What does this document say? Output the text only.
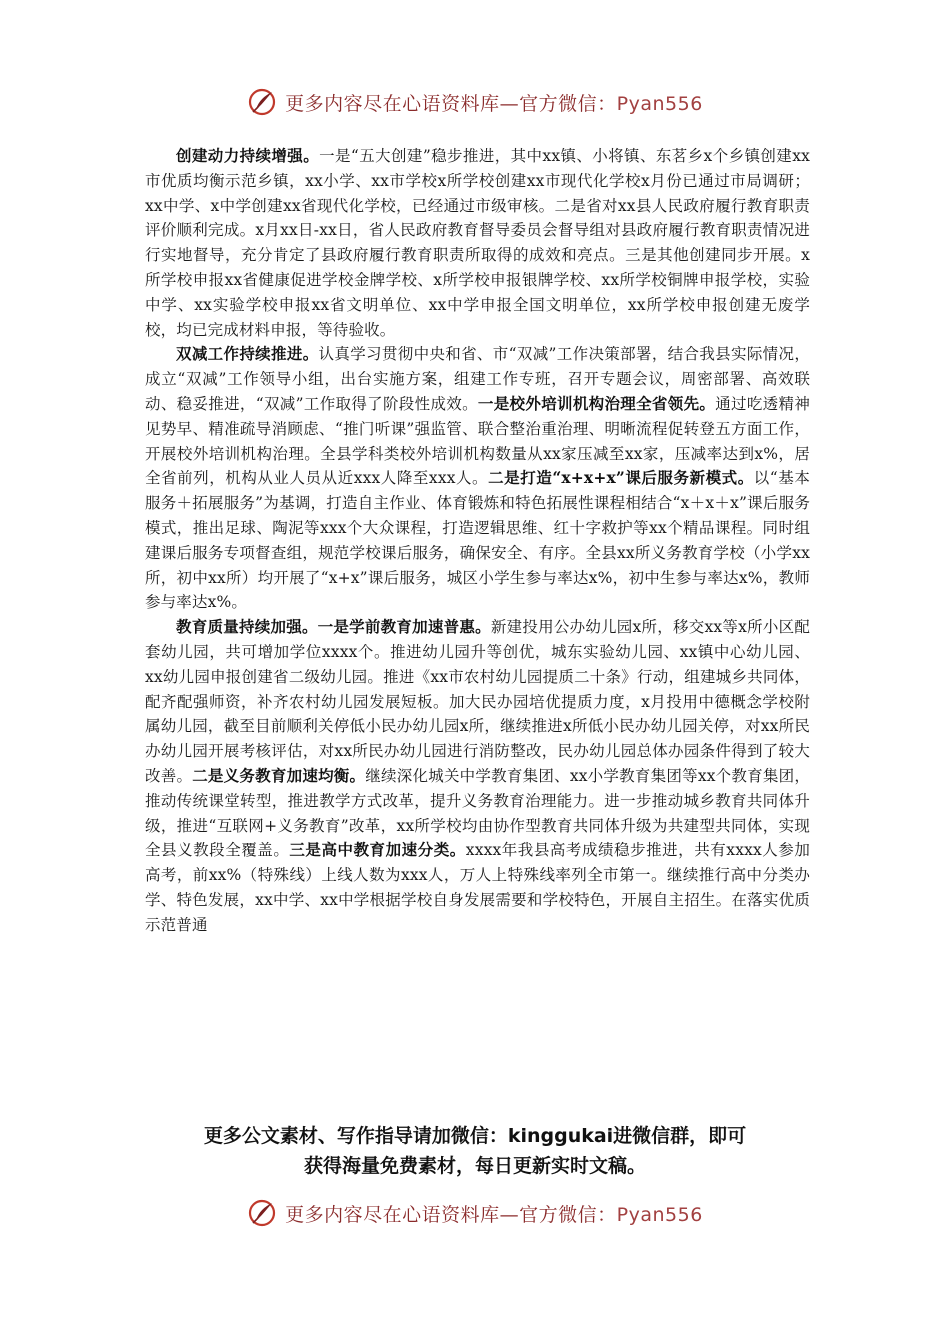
更多内容尽在心语资料库—官方微信：Pyan556

创建动力持续增强。一是“五大创建”稳步推进，其中xx镇、小将镇、东茗乡x个乡镇创建xx市优质均衡示范乡镇，xx小学、xx市学校x所学校创建xx市现代化学校x月份已通过市局调研；xx中学、x中学创建xx省现代化学校，已经通过市级审核。二是省对xx县人民政府履行教育职责评价顺利完成。x月xx日-xx日，省人民政府教育督导委员会督导组对县政府履行教育职责情况进行实地督导，充分肯定了县政府履行教育职责所取得的成效和亮点。三是其他创建同步开展。x所学校申报xx省健康促进学校金牌学校、x所学校申报银牌学校、xx所学校铜牌申报学校，实验中学、xx实验学校申报xx省文明单位、xx中学申报全国文明单位，xx所学校申报创建无废学校，均已完成材料申报，等待验收。

双减工作持续推进。认真学习贯彻中央和省、市“双减”工作决策部署，结合我县实际情况，成立“双减”工作领导小组，出台实施方案，组建工作专班，召开专题会议，周密部署、高效联动、稳妥推进，“双减”工作取得了阶段性成效。一是校外培训机构治理全省领先。通过吃透精神见势早、精准疏导消顾虑、“推门听课”强监管、联合整治重治理、明晰流程促转登五方面工作，开展校外培训机构治理。全县学科类校外培训机构数量从xx家压减至xx家，压减率达到x%，居全省前列，机构从业人员从近xxx人降至xxx人。二是打造“x+x+x”课后服务新模式。以“基本服务＋拓展服务”为基调，打造自主作业、体育锻炼和特色拓展性课程相结合“x＋x＋x”课后服务模式，推出足球、陶泥等xxx个大众课程，打造逻辑思维、红十字救护等xx个精品课程。同时组建课后服务专项督查组，规范学校课后服务，确保安全、有序。全县xx所义务教育学校（小学xx所，初中xx所）均开展了“x+x”课后服务，城区小学生参与率达x%，初中生参与率达x%，教师参与率达x%。

教育质量持续加强。一是学前教育加速普惠。新建投用公办幼儿园x所，移交xx等x所小区配套幼儿园，共可增加学位xxxx个。推进幼儿园升等创优，城东实验幼儿园、xx镇中心幼儿园、xx幼儿园申报创建省二级幼儿园。推进《xx市农村幼儿园提质二十条》行动，组建城乡共同体，配齐配强师资，补齐农村幼儿园发展短板。加大民办园培优提质力度，x月投用中德概念学校附属幼儿园，截至目前顺利关停低小民办幼儿园x所，继续推进x所低小民办幼儿园关停，对xx所民办幼儿园开展考核评估，对xx所民办幼儿园进行消防整改，民办幼儿园总体办园条件得到了较大改善。二是义务教育加速均衡。继续深化城关中学教育集团、xx小学教育集团等xx个教育集团，推动传统课堂转型，推进教学方式改革，提升义务教育治理能力。进一步推动城乡教育共同体升级，推进“互联网+义务教育”改革，xx所学校均由协作型教育共同体升级为共建型共同体，实现全县义教段全覆盖。三是高中教育加速分类。xxxx年我县高考成绩稳步推进，共有xxxx人参加高考，前xx%（特殊线）上线人数为xxx人，万人上特殊线率列全市第一。继续推行高中分类办学、特色发展，xx中学、xx中学根据学校自身发展需要和学校特色，开展自主招生。在落实优质示范普通

更多公文素材、写作指导请加微信：kinggukai进微信群，即可
获得海量免费素材，每日更新实时文稿。
更多内容尽在心语资料库—官方微信：Pyan556
